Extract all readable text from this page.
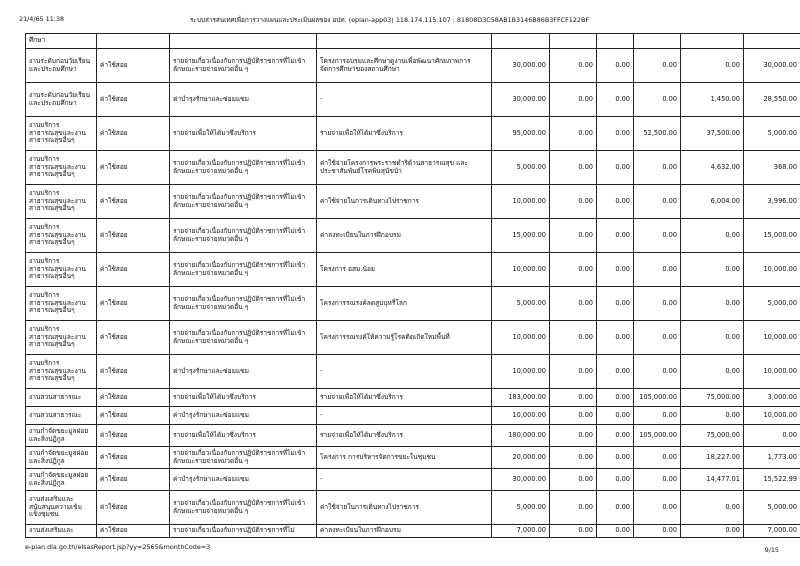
21/4/65 11:38	ระบบสารสนเทศเพื่อการวางแผนและประเมินผลของ อปท. (eplan-app03) 118.174.115.107 : 81808D3C58AB1B3146B86B3FFCF122BF
ศึกษา									
งานระดับก่อนวัยเรียนและประถมศึกษา	ค่าใช้สอย	รายจ่ายเกี่ยวเนื่องกับการปฏิบัติราชการที่ไม่เข้าลักษณะรายจ่ายหมวดอื่น ๆ	โครงการอบรมและศึกษาดูงานเพื่อพัฒนาศักยภาพการจัดการศึกษาของสถานศึกษา	30,000.00	0.00	0.00	0.00	0.00	30,000.00
งานระดับก่อนวัยเรียนและประถมศึกษา	ค่าใช้สอย	ค่าบำรุงรักษาและซ่อมแซม	-	30,000.00	0.00	0.00	0.00	1,450.00	28,550.00
งานบริการสาธารณสุขและงานสาธารณสุขอื่นๆ	ค่าใช้สอย	รายจ่ายเพื่อให้ได้มาซึ่งบริการ	รายจ่ายเพื่อให้ได้มาซึ่งบริการ	95,000.00	0.00	0.00	52,500.00	37,500.00	5,000.00
งานบริการสาธารณสุขและงานสาธารณสุขอื่นๆ	ค่าใช้สอย	รายจ่ายเกี่ยวเนื่องกับการปฏิบัติราชการที่ไม่เข้าลักษณะรายจ่ายหมวดอื่น ๆ	ค่าใช้จ่ายโครงการพระราชดำริด้านสาธารณสุข และประชาสัมพันธ์โรคพิษสุนัขบ้า	5,000.00	0.00	0.00	0.00	4,632.00	368.00
งานบริการสาธารณสุขและงานสาธารณสุขอื่นๆ	ค่าใช้สอย	รายจ่ายเกี่ยวเนื่องกับการปฏิบัติราชการที่ไม่เข้าลักษณะรายจ่ายหมวดอื่น ๆ	ค่าใช้จ่ายในการเดินทางไปราชการ	10,000.00	0.00	0.00	0.00	6,004.00	3,996.00
งานบริการสาธารณสุขและงานสาธารณสุขอื่นๆ	ค่าใช้สอย	รายจ่ายเกี่ยวเนื่องกับการปฏิบัติราชการที่ไม่เข้าลักษณะรายจ่ายหมวดอื่น ๆ	ค่าลงทะเบียนในการฝึกอบรม	15,000.00	0.00	0.00	0.00	0.00	15,000.00
งานบริการสาธารณสุขและงานสาธารณสุขอื่นๆ	ค่าใช้สอย	รายจ่ายเกี่ยวเนื่องกับการปฏิบัติราชการที่ไม่เข้าลักษณะรายจ่ายหมวดอื่น ๆ	โครงการ อสม.น้อย	10,000.00	0.00	0.00	0.00	0.00	10,000.00
งานบริการสาธารณสุขและงานสาธารณสุขอื่นๆ	ค่าใช้สอย	รายจ่ายเกี่ยวเนื่องกับการปฏิบัติราชการที่ไม่เข้าลักษณะรายจ่ายหมวดอื่น ๆ	โครงการรณรงค์ลดสูบบุหรี่โลก	5,000.00	0.00	0.00	0.00	0.00	5,000.00
งานบริการสาธารณสุขและงานสาธารณสุขอื่นๆ	ค่าใช้สอย	รายจ่ายเกี่ยวเนื่องกับการปฏิบัติราชการที่ไม่เข้าลักษณะรายจ่ายหมวดอื่น ๆ	โครงการรณรงค์ให้ความรู้โรคติดเกิดใหม่พื้นที่	10,000.00	0.00	0.00	0.00	0.00	10,000.00
งานบริการสาธารณสุขและงานสาธารณสุขอื่นๆ	ค่าใช้สอย	ค่าบำรุงรักษาและซ่อมแซม	-	10,000.00	0.00	0.00	0.00	0.00	10,000.00
งานสวนสาธารณะ	ค่าใช้สอย	รายจ่ายเพื่อให้ได้มาซึ่งบริการ	รายจ่ายเพื่อให้ได้มาซึ่งบริการ	183,000.00	0.00	0.00	105,000.00	75,000.00	3,000.00
งานสวนสาธารณะ	ค่าใช้สอย	ค่าบำรุงรักษาและซ่อมแซม	-	10,000.00	0.00	0.00	0.00	0.00	10,000.00
งานกำจัดขยะมูลฝอยและสิ่งปฏิกูล	ค่าใช้สอย	รายจ่ายเพื่อให้ได้มาซึ่งบริการ	รายจ่ายเพื่อให้ได้มาซึ่งบริการ	180,000.00	0.00	0.00	105,000.00	75,000.00	0.00
งานกำจัดขยะมูลฝอยและสิ่งปฏิกูล	ค่าใช้สอย	รายจ่ายเกี่ยวเนื่องกับการปฏิบัติราชการที่ไม่เข้าลักษณะรายจ่ายหมวดอื่น ๆ	โครงการ การบริหารจัดการขยะในชุมชน	20,000.00	0.00	0.00	0.00	18,227.00	1,773.00
งานกำจัดขยะมูลฝอยและสิ่งปฏิกูล	ค่าใช้สอย	ค่าบำรุงรักษาและซ่อมแซม	-	30,000.00	0.00	0.00	0.00	14,477.01	15,522.99
งานส่งเสริมและสนับสนุนความเข้มแข็งชุมชน	ค่าใช้สอย	รายจ่ายเกี่ยวเนื่องกับการปฏิบัติราชการที่ไม่เข้าลักษณะรายจ่ายหมวดอื่น ๆ	ค่าใช้จ่ายในการเดินทางไปราชการ	5,000.00	0.00	0.00	0.00	0.00	5,000.00
งานส่งเสริมและ	ค่าใช้สอย	รายจ่ายเกี่ยวเนื่องกับการปฏิบัติราชการที่ไม่	ค่าลงทะเบียนในการฝึกอบรม	7,000.00	0.00	0.00	0.00	0.00	7,000.00
e-plan.dla.go.th/elsasReport.jsp?yy=2565&monthCode=3	9/15
